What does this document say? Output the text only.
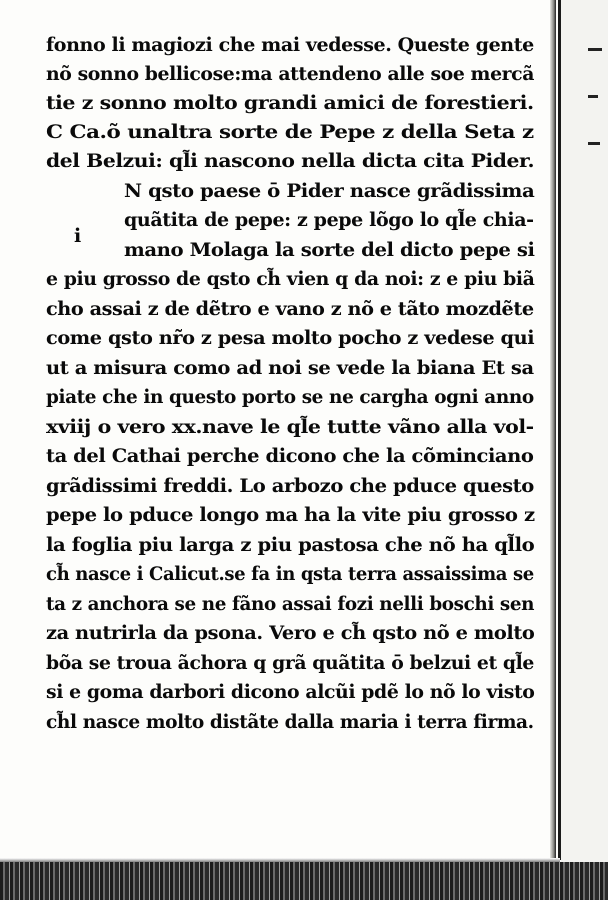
fonno li magiozi che mai vedesse. Queste gente
nõ sonno bellicose:ma attendeno alle soe mercã
tie z sonno molto grandi amici de forestieri.
C Ca.õ unaltra sorte de Pepe z della Seta z
del Belzui: ql̃i nascono nella dicta cita Pider.
N qsto paese ō Pider nasce grãdissima
quãtita de pepe: z pepe lõgo lo ql̃e chia-
mano Molaga la sorte del dicto pepe si
e piu grosso de qsto ch̃ vien q da noi: z e piu biã
cho assai z de dẽtro e vano z nõ e tãto mozdẽte
come qsto nr̃o z pesa molto pocho z vedese qui
ut a misura como ad noi se vede la biana Et sa
piate che in questo porto se ne cargha ogni anno
xviij o vero xx.nave le ql̃e tutte vãno alla vol-
ta del Cathai perche dicono che la cõminciano
grãdissimi freddi. Lo arbozo che pduce questo
pepe lo pduce longo ma ha la vite piu grosso z
la foglia piu larga z piu pastosa che nõ ha ql̃lo
ch̃ nasce i Calicut.se fa in qsta terra assaissima se
ta z anchora se ne fãno assai fozi nelli boschi sen
za nutrirla da psona. Vero e ch̃ qsto nõ e molto
bõa se troua ãchora q grã quãtita ō belzui et ql̃e
si e goma darbori dicono alcũi pdẽ lo nõ lo visto
ch̃l nasce molto distãte dalla maria i terra firma.
i
